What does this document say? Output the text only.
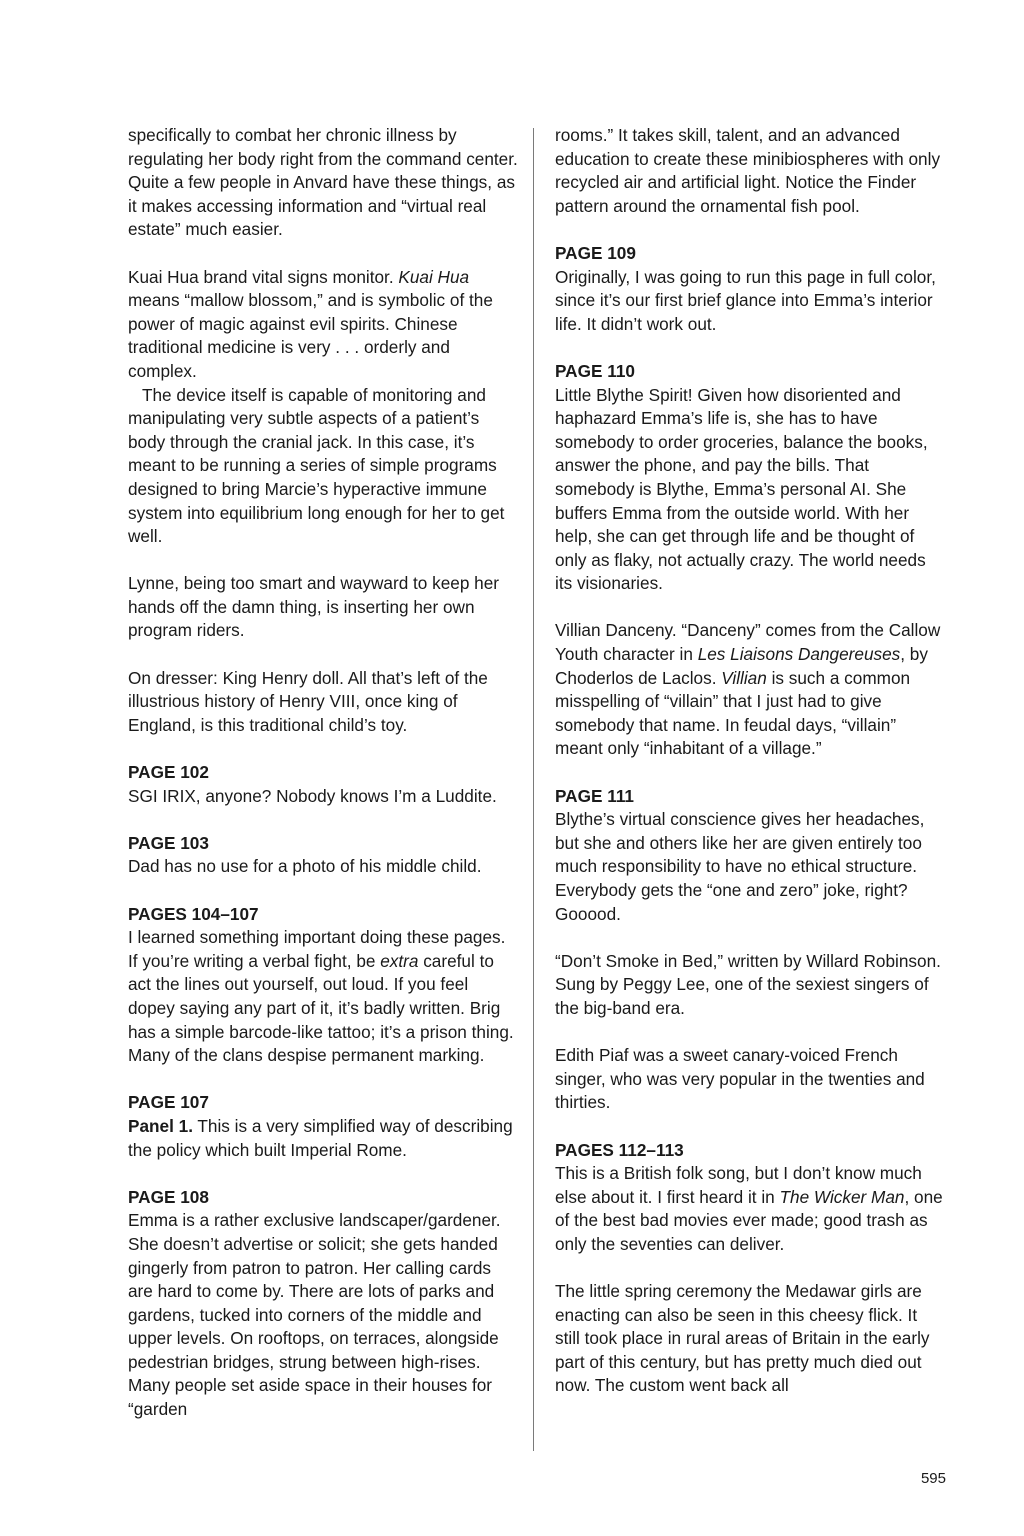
specifically to combat her chronic illness by regulating her body right from the command center. Quite a few people in Anvard have these things, as it makes accessing information and “virtual real estate” much easier.

Kuai Hua brand vital signs monitor. Kuai Hua means “mallow blossom,” and is symbolic of the power of magic against evil spirits. Chinese traditional medicine is very . . . orderly and complex.

The device itself is capable of monitoring and manipulating very subtle aspects of a patient’s body through the cranial jack. In this case, it’s meant to be running a series of simple programs designed to bring Marcie’s hyperactive immune system into equilibrium long enough for her to get well.

Lynne, being too smart and wayward to keep her hands off the damn thing, is inserting her own program riders.

On dresser: King Henry doll. All that’s left of the illustrious history of Henry VIII, once king of England, is this traditional child’s toy.

PAGE 102

SGI IRIX, anyone? Nobody knows I’m a Luddite.

PAGE 103

Dad has no use for a photo of his middle child.

PAGES 104–107

I learned something important doing these pages. If you’re writing a verbal fight, be extra careful to act the lines out yourself, out loud. If you feel dopey saying any part of it, it’s badly written. Brig has a simple barcode-like tattoo; it’s a prison thing. Many of the clans despise permanent marking.

PAGE 107

Panel 1. This is a very simplified way of describing the policy which built Imperial Rome.

PAGE 108

Emma is a rather exclusive landscaper/gardener. She doesn’t advertise or solicit; she gets handed gingerly from patron to patron. Her calling cards are hard to come by. There are lots of parks and gardens, tucked into corners of the middle and upper levels. On rooftops, on terraces, alongside pedestrian bridges, strung between high-rises. Many people set aside space in their houses for “garden

rooms.” It takes skill, talent, and an advanced education to create these minibiospheres with only recycled air and artificial light. Notice the Finder pattern around the ornamental fish pool.

PAGE 109

Originally, I was going to run this page in full color, since it’s our first brief glance into Emma’s interior life. It didn’t work out.

PAGE 110

Little Blythe Spirit! Given how disoriented and haphazard Emma’s life is, she has to have somebody to order groceries, balance the books, answer the phone, and pay the bills. That somebody is Blythe, Emma’s personal AI. She buffers Emma from the outside world. With her help, she can get through life and be thought of only as flaky, not actually crazy. The world needs its visionaries.

Villian Danceny. “Danceny” comes from the Callow Youth character in Les Liaisons Dangereuses, by Choderlos de Laclos. Villian is such a common misspelling of “villain” that I just had to give somebody that name. In feudal days, “villain” meant only “inhabitant of a village.”

PAGE 111

Blythe’s virtual conscience gives her headaches, but she and others like her are given entirely too much responsibility to have no ethical structure. Everybody gets the “one and zero” joke, right? Gooood.

“Don’t Smoke in Bed,” written by Willard Robinson. Sung by Peggy Lee, one of the sexiest singers of the big-band era.

Edith Piaf was a sweet canary-voiced French singer, who was very popular in the twenties and thirties.

PAGES 112–113

This is a British folk song, but I don’t know much else about it. I first heard it in The Wicker Man, one of the best bad movies ever made; good trash as only the seventies can deliver.

The little spring ceremony the Medawar girls are enacting can also be seen in this cheesy flick. It still took place in rural areas of Britain in the early part of this century, but has pretty much died out now. The custom went back all

595
